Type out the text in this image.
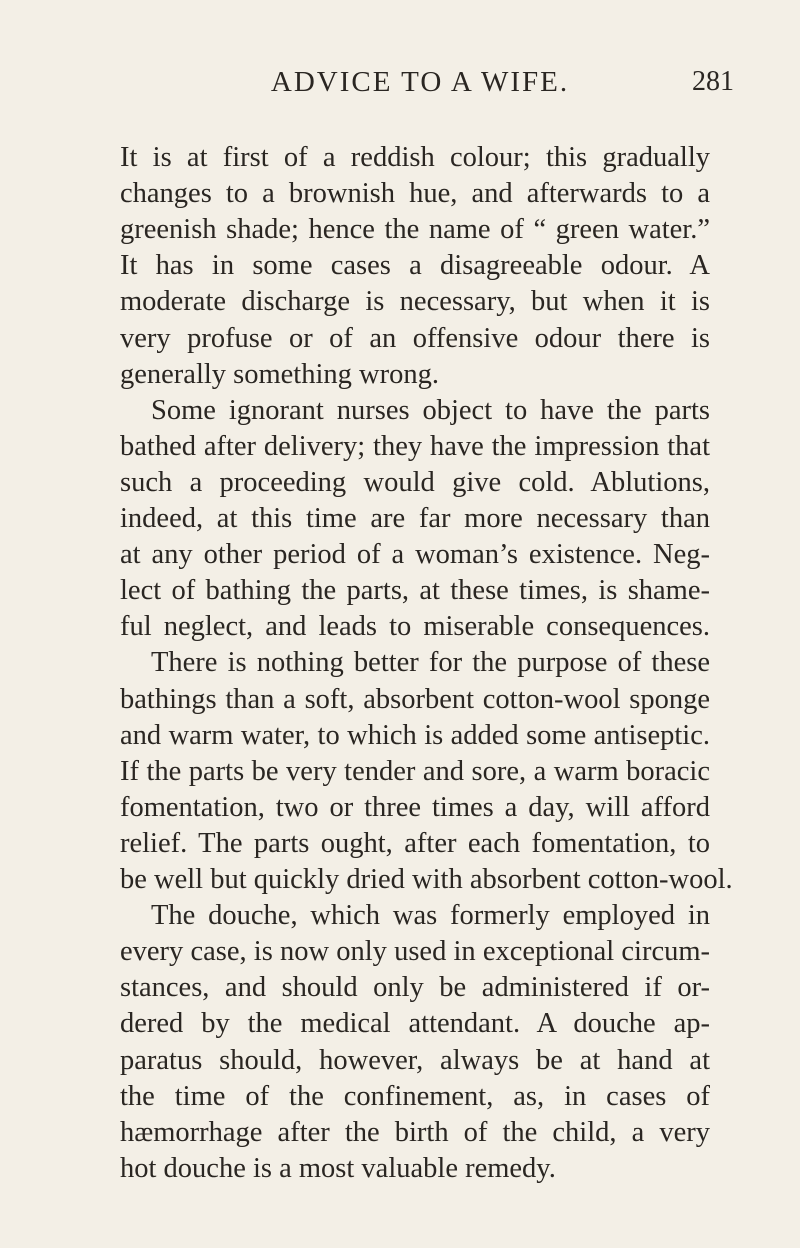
ADVICE TO A WIFE.	281
It is at first of a reddish colour; this gradually
changes to a brownish hue, and afterwards to a
greenish shade; hence the name of “ green water.”
It has in some cases a disagreeable odour. A
moderate discharge is necessary, but when it is
very profuse or of an offensive odour there is
generally something wrong.
Some ignorant nurses object to have the parts
bathed after delivery; they have the impression that
such a proceeding would give cold. Ablutions,
indeed, at this time are far more necessary than
at any other period of a woman’s existence. Neg-
lect of bathing the parts, at these times, is shame-
ful neglect, and leads to miserable consequences.
There is nothing better for the purpose of these
bathings than a soft, absorbent cotton-wool sponge
and warm water, to which is added some antiseptic.
If the parts be very tender and sore, a warm boracic
fomentation, two or three times a day, will afford
relief. The parts ought, after each fomentation, to
be well but quickly dried with absorbent cotton-wool.
The douche, which was formerly employed in
every case, is now only used in exceptional circum-
stances, and should only be administered if or-
dered by the medical attendant. A douche ap-
paratus should, however, always be at hand at
the time of the confinement, as, in cases of
hæmorrhage after the birth of the child, a very
hot douche is a most valuable remedy.
